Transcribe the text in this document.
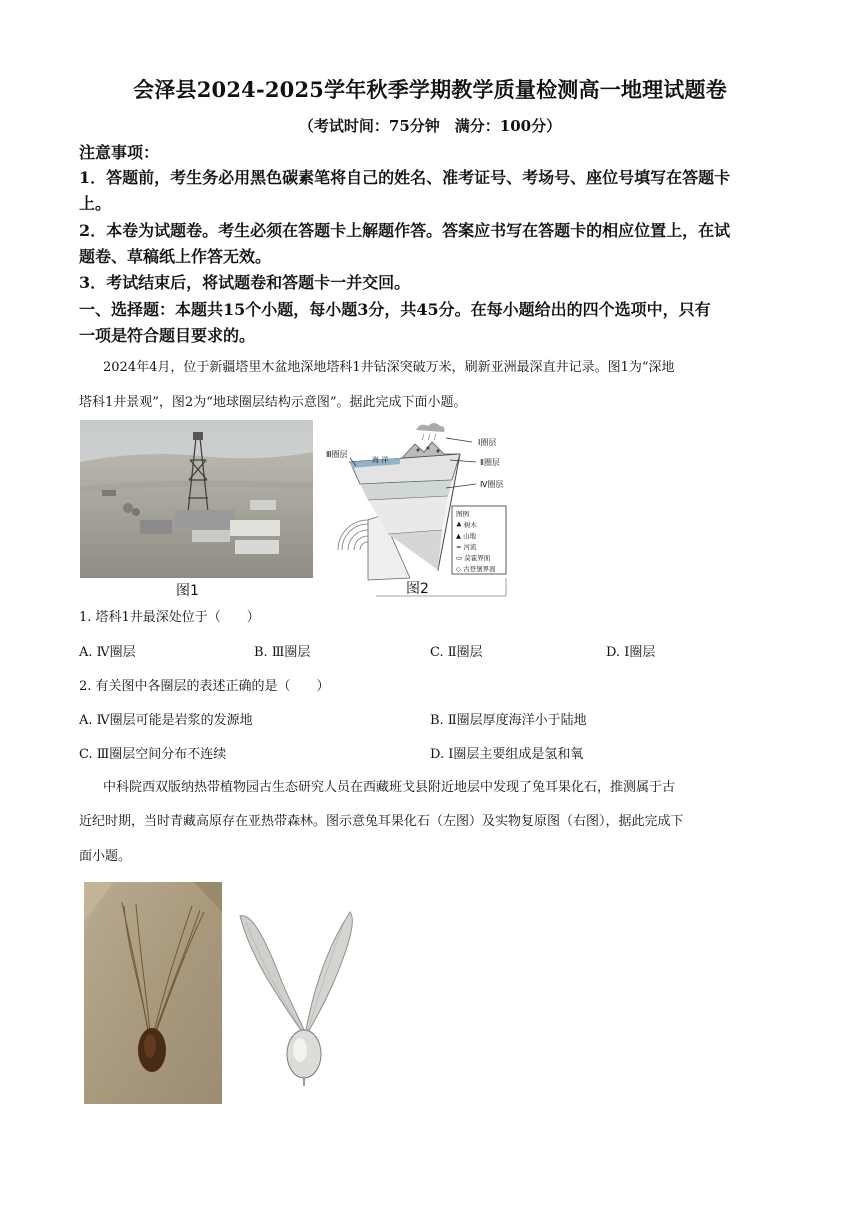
会泽县2024-2025学年秋季学期教学质量检测高一地理试题卷
（考试时间：75分钟　满分：100分）
注意事项：
1．答题前，考生务必用黑色碳素笔将自己的姓名、准考证号、考场号、座位号填写在答题卡
上。
2．本卷为试题卷。考生必须在答题卡上解题作答。答案应书写在答题卡的相应位置上，在试
题卷、草稿纸上作答无效。
3．考试结束后，将试题卷和答题卡一并交回。
一、选择题：本题共15个小题，每小题3分，共45分。在每小题给出的四个选项中，只有
一项是符合题目要求的。
2024年4月，位于新疆塔里木盆地深地塔科1井钻深突破万米，刷新亚洲最深直井记录。图1为“深地
塔科1井景观”，图2为“地球圈层结构示意图”。据此完成下面小题。
Ⅰ圈层
Ⅱ圈层
Ⅳ圈层
Ⅲ圈层
海 洋
图例
♣ 树木
▲ 山地
≈ 河流
▭ 莫霍界面
◇ 古登堡界面
图1	图2
1. 塔科1井最深处位于（　　）
A. Ⅳ圈层	B. Ⅲ圈层	C. Ⅱ圈层	D. Ⅰ圈层
2. 有关图中各圈层的表述正确的是（　　）
A. Ⅳ圈层可能是岩浆的发源地	B. Ⅱ圈层厚度海洋小于陆地
C. Ⅲ圈层空间分布不连续	D. Ⅰ圈层主要组成是氢和氧
中科院西双版纳热带植物园古生态研究人员在西藏班戈县附近地层中发现了兔耳果化石，推测属于古
近纪时期，当时青藏高原存在亚热带森林。图示意兔耳果化石（左图）及实物复原图（右图），据此完成下
面小题。
